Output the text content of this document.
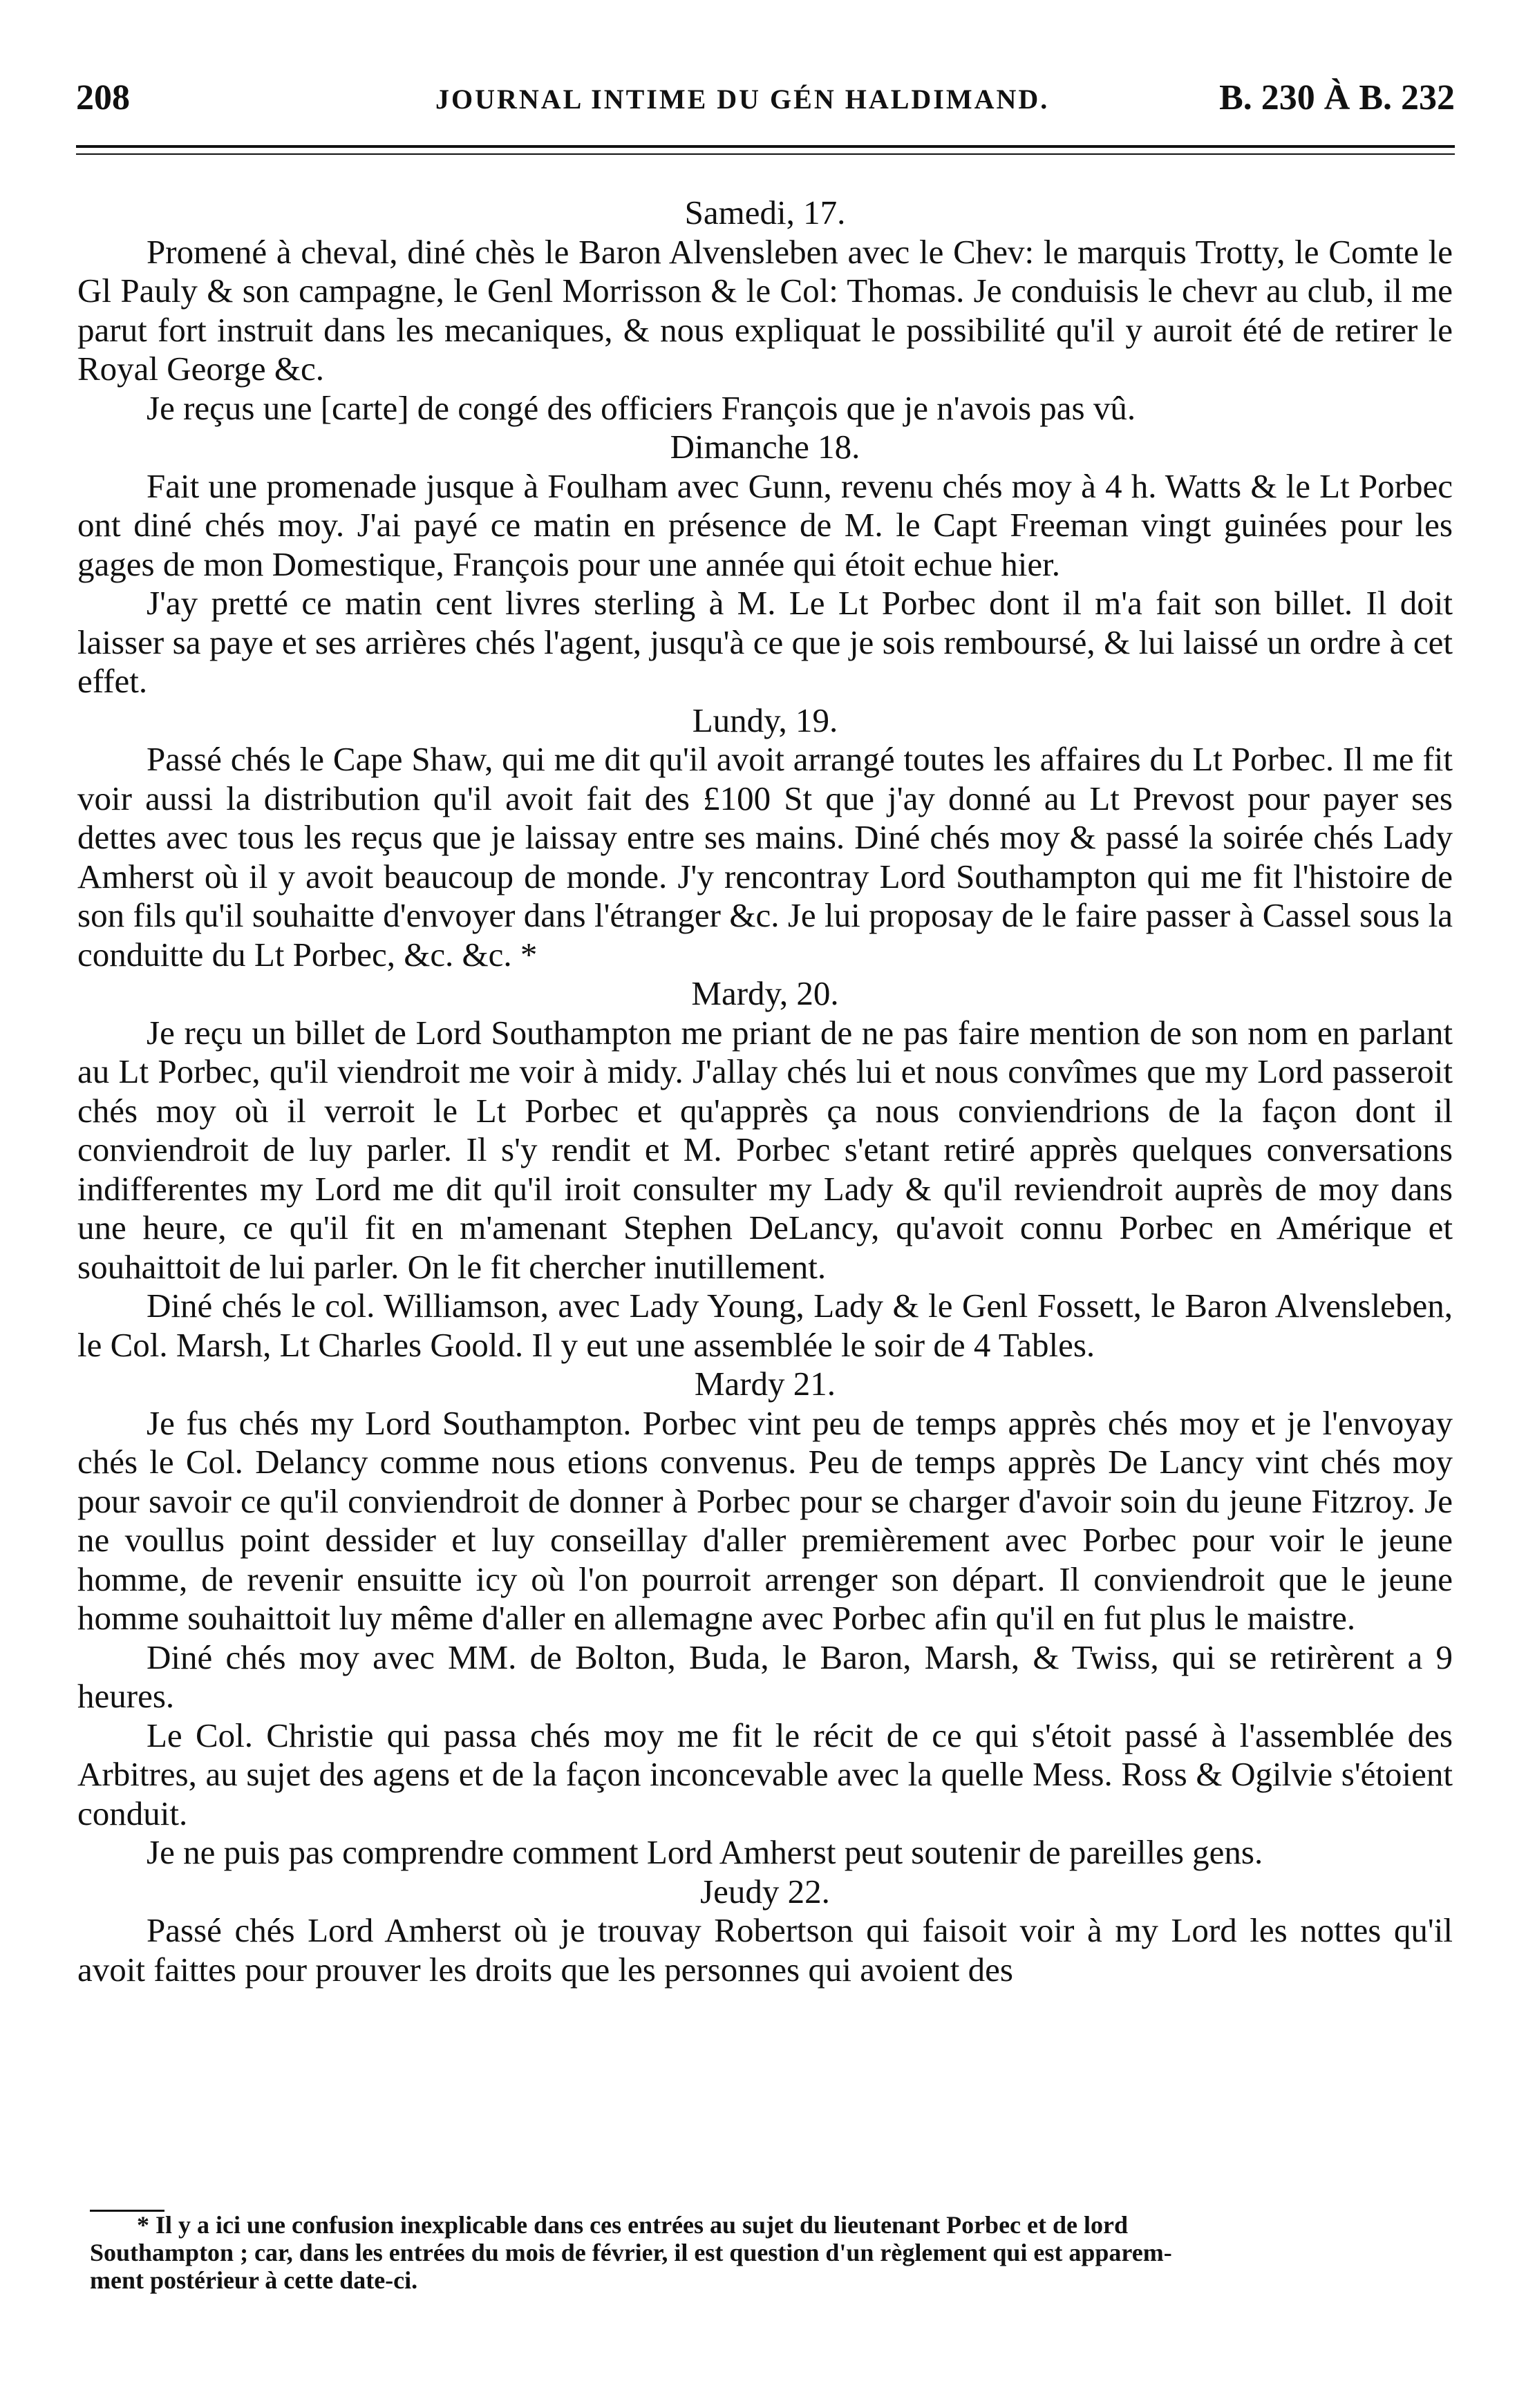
208	JOURNAL INTIME DU GÉN HALDIMAND.	B. 230 À B. 232

Samedi, 17.

Promené à cheval, diné chès le Baron Alvensleben avec le Chev: le marquis Trotty, le Comte le Gl Pauly & son campagne, le Genl Morrisson & le Col: Thomas. Je conduisis le chevr au club, il me parut fort instruit dans les mecaniques, & nous expliquat le possibilité qu'il y auroit été de retirer le Royal George &c.

Je reçus une [carte] de congé des officiers François que je n'avois pas vû.

Dimanche 18.

Fait une promenade jusque à Foulham avec Gunn, revenu chés moy à 4 h. Watts & le Lt Porbec ont diné chés moy. J'ai payé ce matin en présence de M. le Capt Freeman vingt guinées pour les gages de mon Domestique, François pour une année qui étoit echue hier.

J'ay pretté ce matin cent livres sterling à M. Le Lt Porbec dont il m'a fait son billet. Il doit laisser sa paye et ses arrières chés l'agent, jusqu'à ce que je sois remboursé, & lui laissé un ordre à cet effet.

Lundy, 19.

Passé chés le Cape Shaw, qui me dit qu'il avoit arrangé toutes les affaires du Lt Porbec. Il me fit voir aussi la distribution qu'il avoit fait des £100 St que j'ay donné au Lt Prevost pour payer ses dettes avec tous les reçus que je laissay entre ses mains. Diné chés moy & passé la soirée chés Lady Amherst où il y avoit beaucoup de monde. J'y rencontray Lord Southampton qui me fit l'histoire de son fils qu'il souhaitte d'envoyer dans l'étranger &c. Je lui proposay de le faire passer à Cassel sous la conduitte du Lt Porbec, &c. &c. *

Mardy, 20.

Je reçu un billet de Lord Southampton me priant de ne pas faire mention de son nom en parlant au Lt Porbec, qu'il viendroit me voir à midy. J'allay chés lui et nous convîmes que my Lord passeroit chés moy où il verroit le Lt Porbec et qu'apprès ça nous conviendrions de la façon dont il conviendroit de luy parler. Il s'y rendit et M. Porbec s'etant retiré apprès quelques conversations indifferentes my Lord me dit qu'il iroit consulter my Lady & qu'il reviendroit auprès de moy dans une heure, ce qu'il fit en m'amenant Stephen DeLancy, qu'avoit connu Porbec en Amérique et souhaittoit de lui parler. On le fit chercher inutillement.

Diné chés le col. Williamson, avec Lady Young, Lady & le Genl Fossett, le Baron Alvensleben, le Col. Marsh, Lt Charles Goold. Il y eut une assemblée le soir de 4 Tables.

Mardy 21.

Je fus chés my Lord Southampton. Porbec vint peu de temps apprès chés moy et je l'envoyay chés le Col. Delancy comme nous etions convenus. Peu de temps apprès De Lancy vint chés moy pour savoir ce qu'il conviendroit de donner à Porbec pour se charger d'avoir soin du jeune Fitzroy. Je ne voullus point dessider et luy conseillay d'aller premièrement avec Porbec pour voir le jeune homme, de revenir ensuitte icy où l'on pourroit arrenger son départ. Il conviendroit que le jeune homme souhaittoit luy même d'aller en allemagne avec Porbec afin qu'il en fut plus le maistre.

Diné chés moy avec MM. de Bolton, Buda, le Baron, Marsh, & Twiss, qui se retirèrent a 9 heures.

Le Col. Christie qui passa chés moy me fit le récit de ce qui s'étoit passé à l'assemblée des Arbitres, au sujet des agens et de la façon inconcevable avec la quelle Mess. Ross & Ogilvie s'étoient conduit.

Je ne puis pas comprendre comment Lord Amherst peut soutenir de pareilles gens.

Jeudy 22.

Passé chés Lord Amherst où je trouvay Robertson qui faisoit voir à my Lord les nottes qu'il avoit faittes pour prouver les droits que les personnes qui avoient des

* Il y a ici une confusion inexplicable dans ces entrées au sujet du lieutenant Porbec et de lord

Southampton ; car, dans les entrées du mois de février, il est question d'un règlement qui est apparem-

ment postérieur à cette date-ci.
